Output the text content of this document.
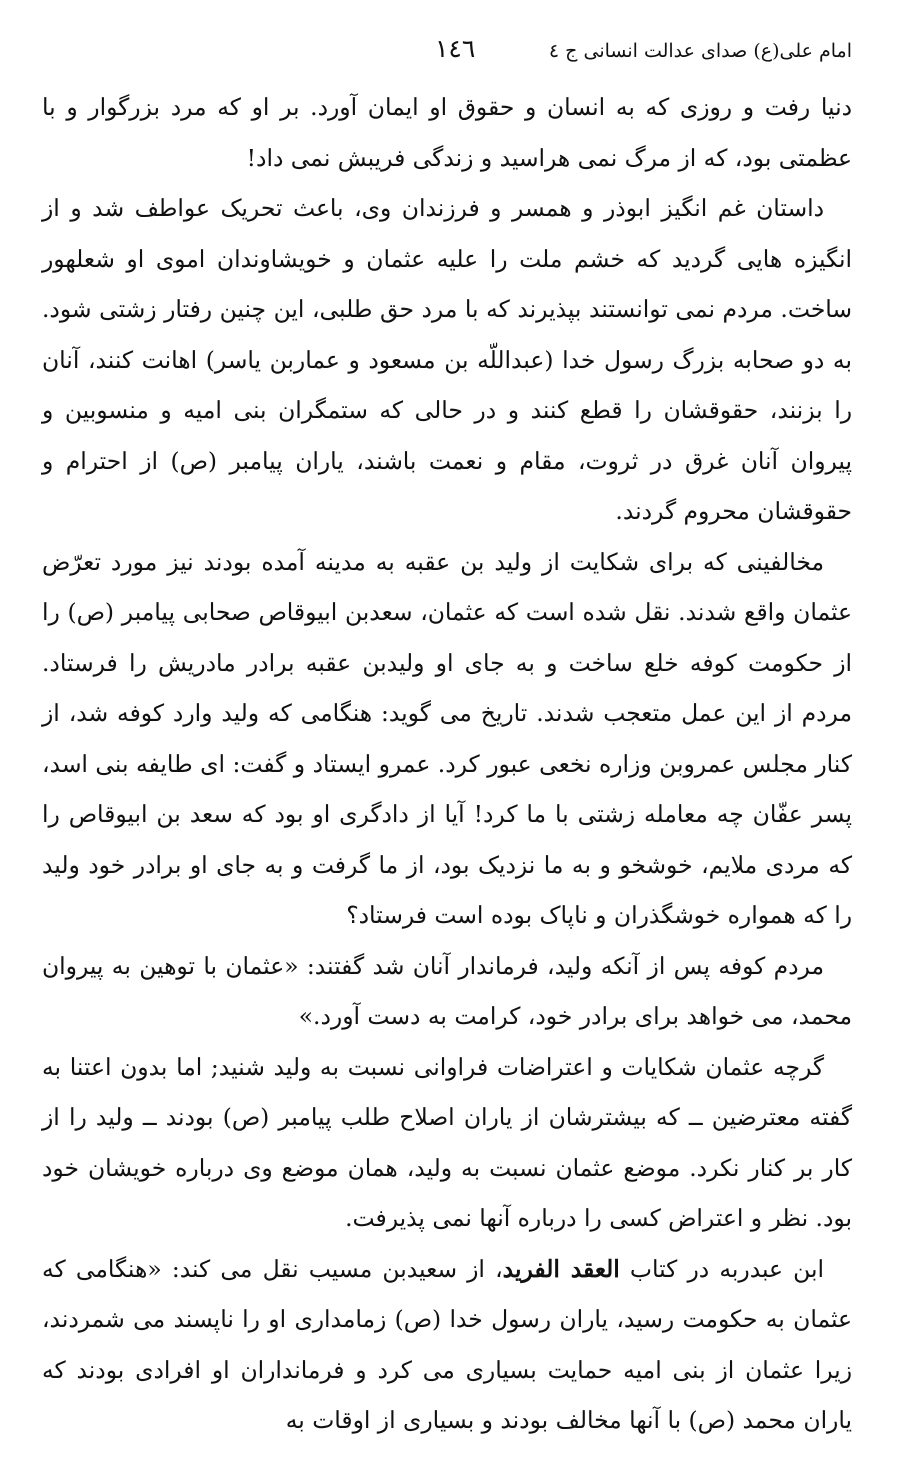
١٤٦	امام علی(ع) صدای عدالت انسانی ج ٤

دنیا رفت و روزی که به انسان و حقوق او ایمان آورد. بر او که مرد بزرگوار و با عظمتی بود، که از مرگ نمی هراسید و زندگی فریبش نمی داد!

داستان غم انگیز ابوذر و همسر و فرزندان وی، باعث تحریک عواطف شد و از انگیزه هایی گردید که خشم ملت را علیه عثمان و خویشاوندان اموی او شعلهور ساخت. مردم نمی توانستند بپذیرند که با مرد حق طلبی، این چنین رفتار زشتی شود. به دو صحابه بزرگ رسول خدا (عبداللّه بن مسعود و عماربن یاسر) اهانت کنند، آنان را بزنند، حقوقشان را قطع کنند و در حالی که ستمگران بنی امیه و منسوبین و پیروان آنان غرق در ثروت، مقام و نعمت باشند، یاران پیامبر (ص) از احترام و حقوقشان محروم گردند.

مخالفینی که برای شکایت از ولید بن عقبه به مدینه آمده بودند نیز مورد تعرّض عثمان واقع شدند. نقل شده است که عثمان، سعدبن ابیوقاص صحابی پیامبر (ص) را از حکومت کوفه خلع ساخت و به جای او ولیدبن عقبه برادر مادریش را فرستاد. مردم از این عمل متعجب شدند. تاریخ می گوید: هنگامی که ولید وارد کوفه شد، از کنار مجلس عمروبن وزاره نخعی عبور کرد. عمرو ایستاد و گفت: ای طایفه بنی اسد، پسر عفّان چه معامله زشتی با ما کرد! آیا از دادگری او بود که سعد بن ابیوقاص را که مردی ملایم، خوشخو و به ما نزدیک بود، از ما گرفت و به جای او برادر خود ولید را که همواره خوشگذران و ناپاک بوده است فرستاد؟

مردم کوفه پس از آنکه ولید، فرماندار آنان شد گفتند: «عثمان با توهین به پیروان محمد، می خواهد برای برادر خود، کرامت به دست آورد.»

گرچه عثمان شکایات و اعتراضات فراوانی نسبت به ولید شنید; اما بدون اعتنا به گفته معترضین ــ که بیشترشان از یاران اصلاح طلب پیامبر (ص) بودند ــ ولید را از کار بر کنار نکرد. موضع عثمان نسبت به ولید، همان موضع وی درباره خویشان خود بود. نظر و اعتراض کسی را درباره آنها نمی پذیرفت.

ابن عبدربه در کتاب العقد الفرید، از سعیدبن مسیب نقل می کند: «هنگامی که عثمان به حکومت رسید، یاران رسول خدا (ص) زمامداری او را ناپسند می شمردند، زیرا عثمان از بنی امیه حمایت بسیاری می کرد و فرمانداران او افرادی بودند که یاران محمد (ص) با آنها مخالف بودند و بسیاری از اوقات به
